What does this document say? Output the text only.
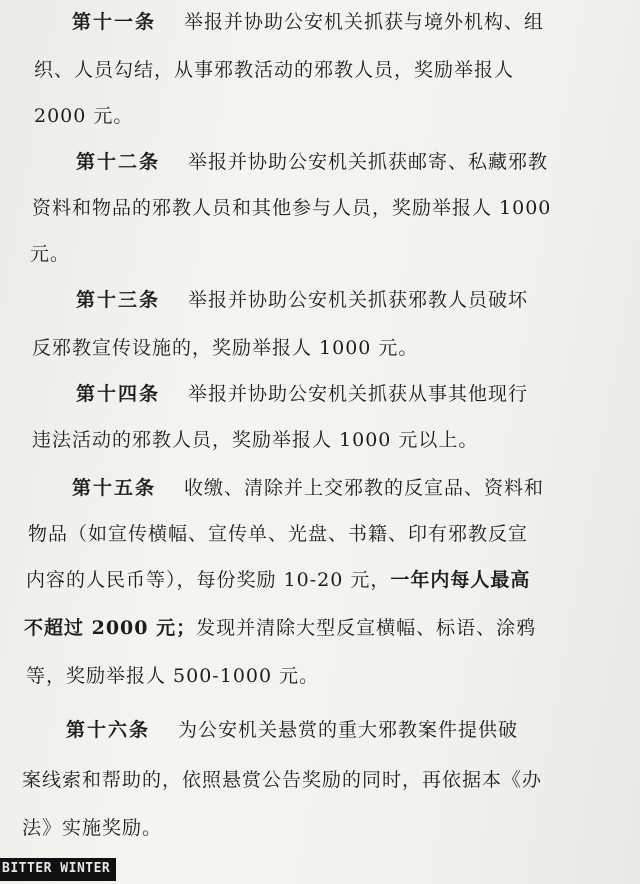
第十一条 举报并协助公安机关抓获与境外机构、组
织、人员勾结，从事邪教活动的邪教人员，奖励举报人
2000 元。
第十二条 举报并协助公安机关抓获邮寄、私藏邪教
资料和物品的邪教人员和其他参与人员，奖励举报人 1000
元。
第十三条 举报并协助公安机关抓获邪教人员破坏
反邪教宣传设施的，奖励举报人 1000 元。
第十四条 举报并协助公安机关抓获从事其他现行
违法活动的邪教人员，奖励举报人 1000 元以上。
第十五条 收缴、清除并上交邪教的反宣品、资料和
物品（如宣传横幅、宣传单、光盘、书籍、印有邪教反宣
内容的人民币等），每份奖励 10-20 元，一年内每人最高
不超过 2000 元；发现并清除大型反宣横幅、标语、涂鸦
等，奖励举报人 500-1000 元。
第十六条 为公安机关悬赏的重大邪教案件提供破
案线索和帮助的，依照悬赏公告奖励的同时，再依据本《办
法》实施奖励。
BITTER WINTER
